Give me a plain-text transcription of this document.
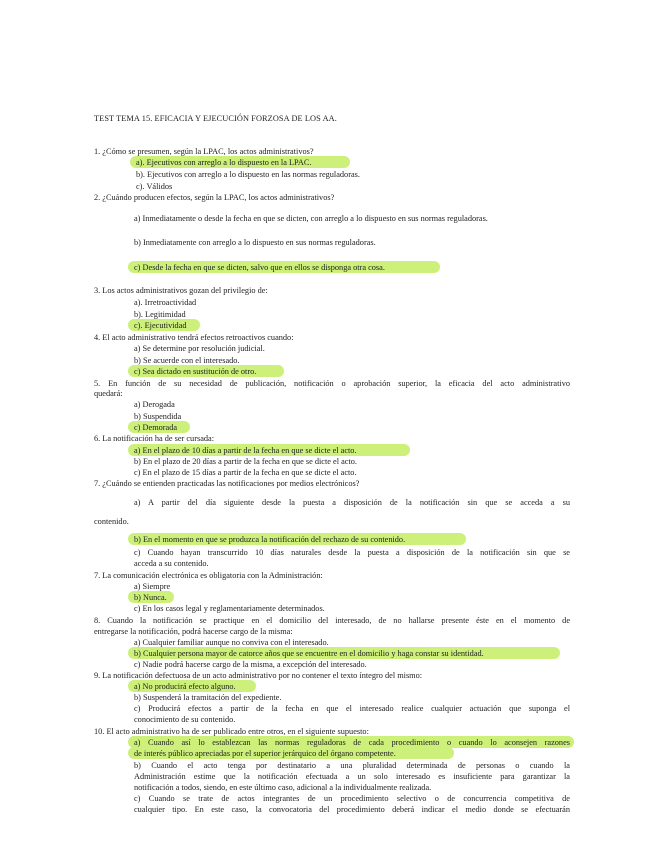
TEST TEMA 15. EFICACIA Y EJECUCIÓN FORZOSA DE LOS AA.
1. ¿Cómo se presumen, según la LPAC, los actos administrativos?
a). Ejecutivos con arreglo a lo dispuesto en la LPAC.
b). Ejecutivos con arreglo a lo dispuesto en las normas reguladoras.
c). Válidos
2. ¿Cuándo producen efectos, según la LPAC, los actos administrativos?
a) Inmediatamente o desde la fecha en que se dicten, con arreglo a lo dispuesto en sus normas reguladoras.
b) Inmediatamente con arreglo a lo dispuesto en sus normas reguladoras.
c) Desde la fecha en que se dicten, salvo que en ellos se disponga otra cosa.
3. Los actos administrativos gozan del privilegio de:
a). Irretroactividad
b). Legitimidad
c). Ejecutividad
4. El acto administrativo tendrá efectos retroactivos cuando:
a) Se determine por resolución judicial.
b) Se acuerde con el interesado.
c) Sea dictado en sustitución de otro.
5. En función de su necesidad de publicación, notificación o aprobación superior, la eficacia del acto administrativo
quedará:
a) Derogada
b) Suspendida
c) Demorada
6. La notificación ha de ser cursada:
a) En el plazo de 10 días a partir de la fecha en que se dicte el acto.
b) En el plazo de 20 días a partir de la fecha en que se dicte el acto.
c) En el plazo de 15 días a partir de la fecha en que se dicte el acto.
7. ¿Cuándo se entienden practicadas las notificaciones por medios electrónicos?
a) A partir del día siguiente desde la puesta a disposición de la notificación sin que se acceda a su
contenido.
b) En el momento en que se produzca la notificación del rechazo de su contenido.
c) Cuando hayan transcurrido 10 días naturales desde la puesta a disposición de la notificación sin que se
acceda a su contenido.
7. La comunicación electrónica es obligatoria con la Administración:
a) Siempre
b) Nunca.
c) En los casos legal y reglamentariamente determinados.
8. Cuando la notificación se practique en el domicilio del interesado, de no hallarse presente éste en el momento de
entregarse la notificación, podrá hacerse cargo de la misma:
a) Cualquier familiar aunque no conviva con el interesado.
b) Cualquier persona mayor de catorce años que se encuentre en el domicilio y haga constar su identidad.
c) Nadie podrá hacerse cargo de la misma, a excepción del interesado.
9. La notificación defectuosa de un acto administrativo por no contener el texto íntegro del mismo:
a) No producirá efecto alguno.
b) Suspenderá la tramitación del expediente.
c) Producirá efectos a partir de la fecha en que el interesado realice cualquier actuación que suponga el
conocimiento de su contenido.
10. El acto administrativo ha de ser publicado entre otros, en el siguiente supuesto:
a) Cuando así lo establezcan las normas reguladoras de cada procedimiento o cuando lo aconsejen razones
de interés público apreciadas por el superior jerárquico del órgano competente.
b) Cuando el acto tenga por destinatario a una pluralidad determinada de personas o cuando la
Administración estime que la notificación efectuada a un solo interesado es insuficiente para garantizar la
notificación a todos, siendo, en este último caso, adicional a la individualmente realizada.
c) Cuando se trate de actos integrantes de un procedimiento selectivo o de concurrencia competitiva de
cualquier tipo. En este caso, la convocatoria del procedimiento deberá indicar el medio donde se efectuarán
